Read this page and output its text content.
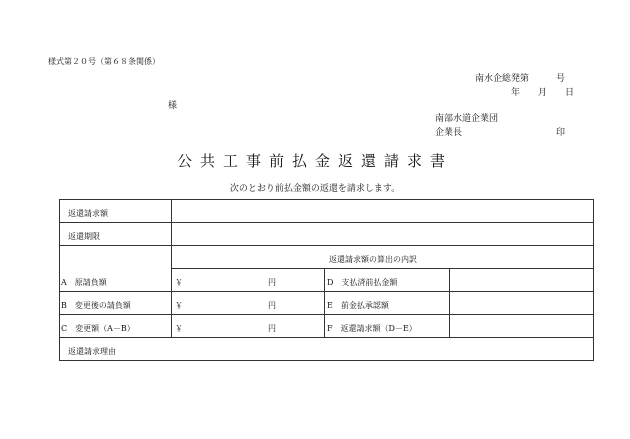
様式第２０号（第６８条関係）
南水企総発第　　　号
年　　月　　日
様
南部水道企業団
企業長	印
公共工事前払金返還請求書
次のとおり前払金額の返還を請求します。
返還請求額
返還期限
返還請求額の算出の内訳
A　原請負額
B　変更後の請負額
C　変更額（A－B）
￥
￥
￥
円
円
円
D　支払済前払金額
E　前金払承認額
F　返還請求額（D－E）
返還請求理由
